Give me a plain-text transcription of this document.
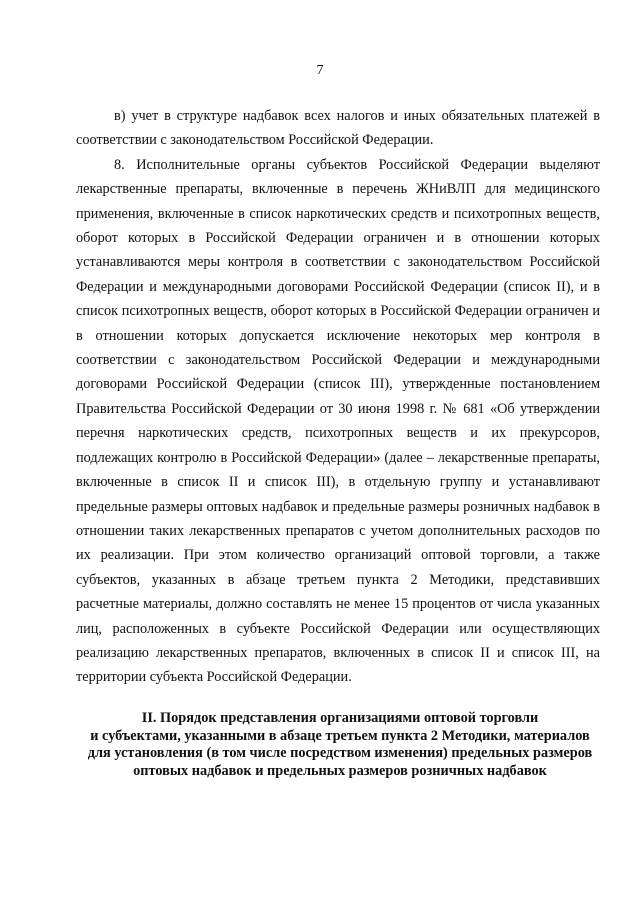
7

в) учет в структуре надбавок всех налогов и иных обязательных платежей в соответствии с законодательством Российской Федерации.

8. Исполнительные органы субъектов Российской Федерации выделяют лекарственные препараты, включенные в перечень ЖНиВЛП для медицинского применения, включенные в список наркотических средств и психотропных веществ, оборот которых в Российской Федерации ограничен и в отношении которых устанавливаются меры контроля в соответствии с законодательством Российской Федерации и международными договорами Российской Федерации (список II), и в список психотропных веществ, оборот которых в Российской Федерации ограничен и в отношении которых допускается исключение некоторых мер контроля в соответствии с законодательством Российской Федерации и международными договорами Российской Федерации (список III), утвержденные постановлением Правительства Российской Федерации от 30 июня 1998 г. № 681 «Об утверждении перечня наркотических средств, психотропных веществ и их прекурсоров, подлежащих контролю в Российской Федерации» (далее – лекарственные препараты, включенные в список II и список III), в отдельную группу и устанавливают предельные размеры оптовых надбавок и предельные размеры розничных надбавок в отношении таких лекарственных препаратов с учетом дополнительных расходов по их реализации. При этом количество организаций оптовой торговли, а также субъектов, указанных в абзаце третьем пункта 2 Методики, представивших расчетные материалы, должно составлять не менее 15 процентов от числа указанных лиц, расположенных в субъекте Российской Федерации или осуществляющих реализацию лекарственных препаратов, включенных в список II и список III, на территории субъекта Российской Федерации.

II. Порядок представления организациями оптовой торговли
и субъектами, указанными в абзаце третьем пункта 2 Методики, материалов
для установления (в том числе посредством изменения) предельных размеров
оптовых надбавок и предельных размеров розничных надбавок
